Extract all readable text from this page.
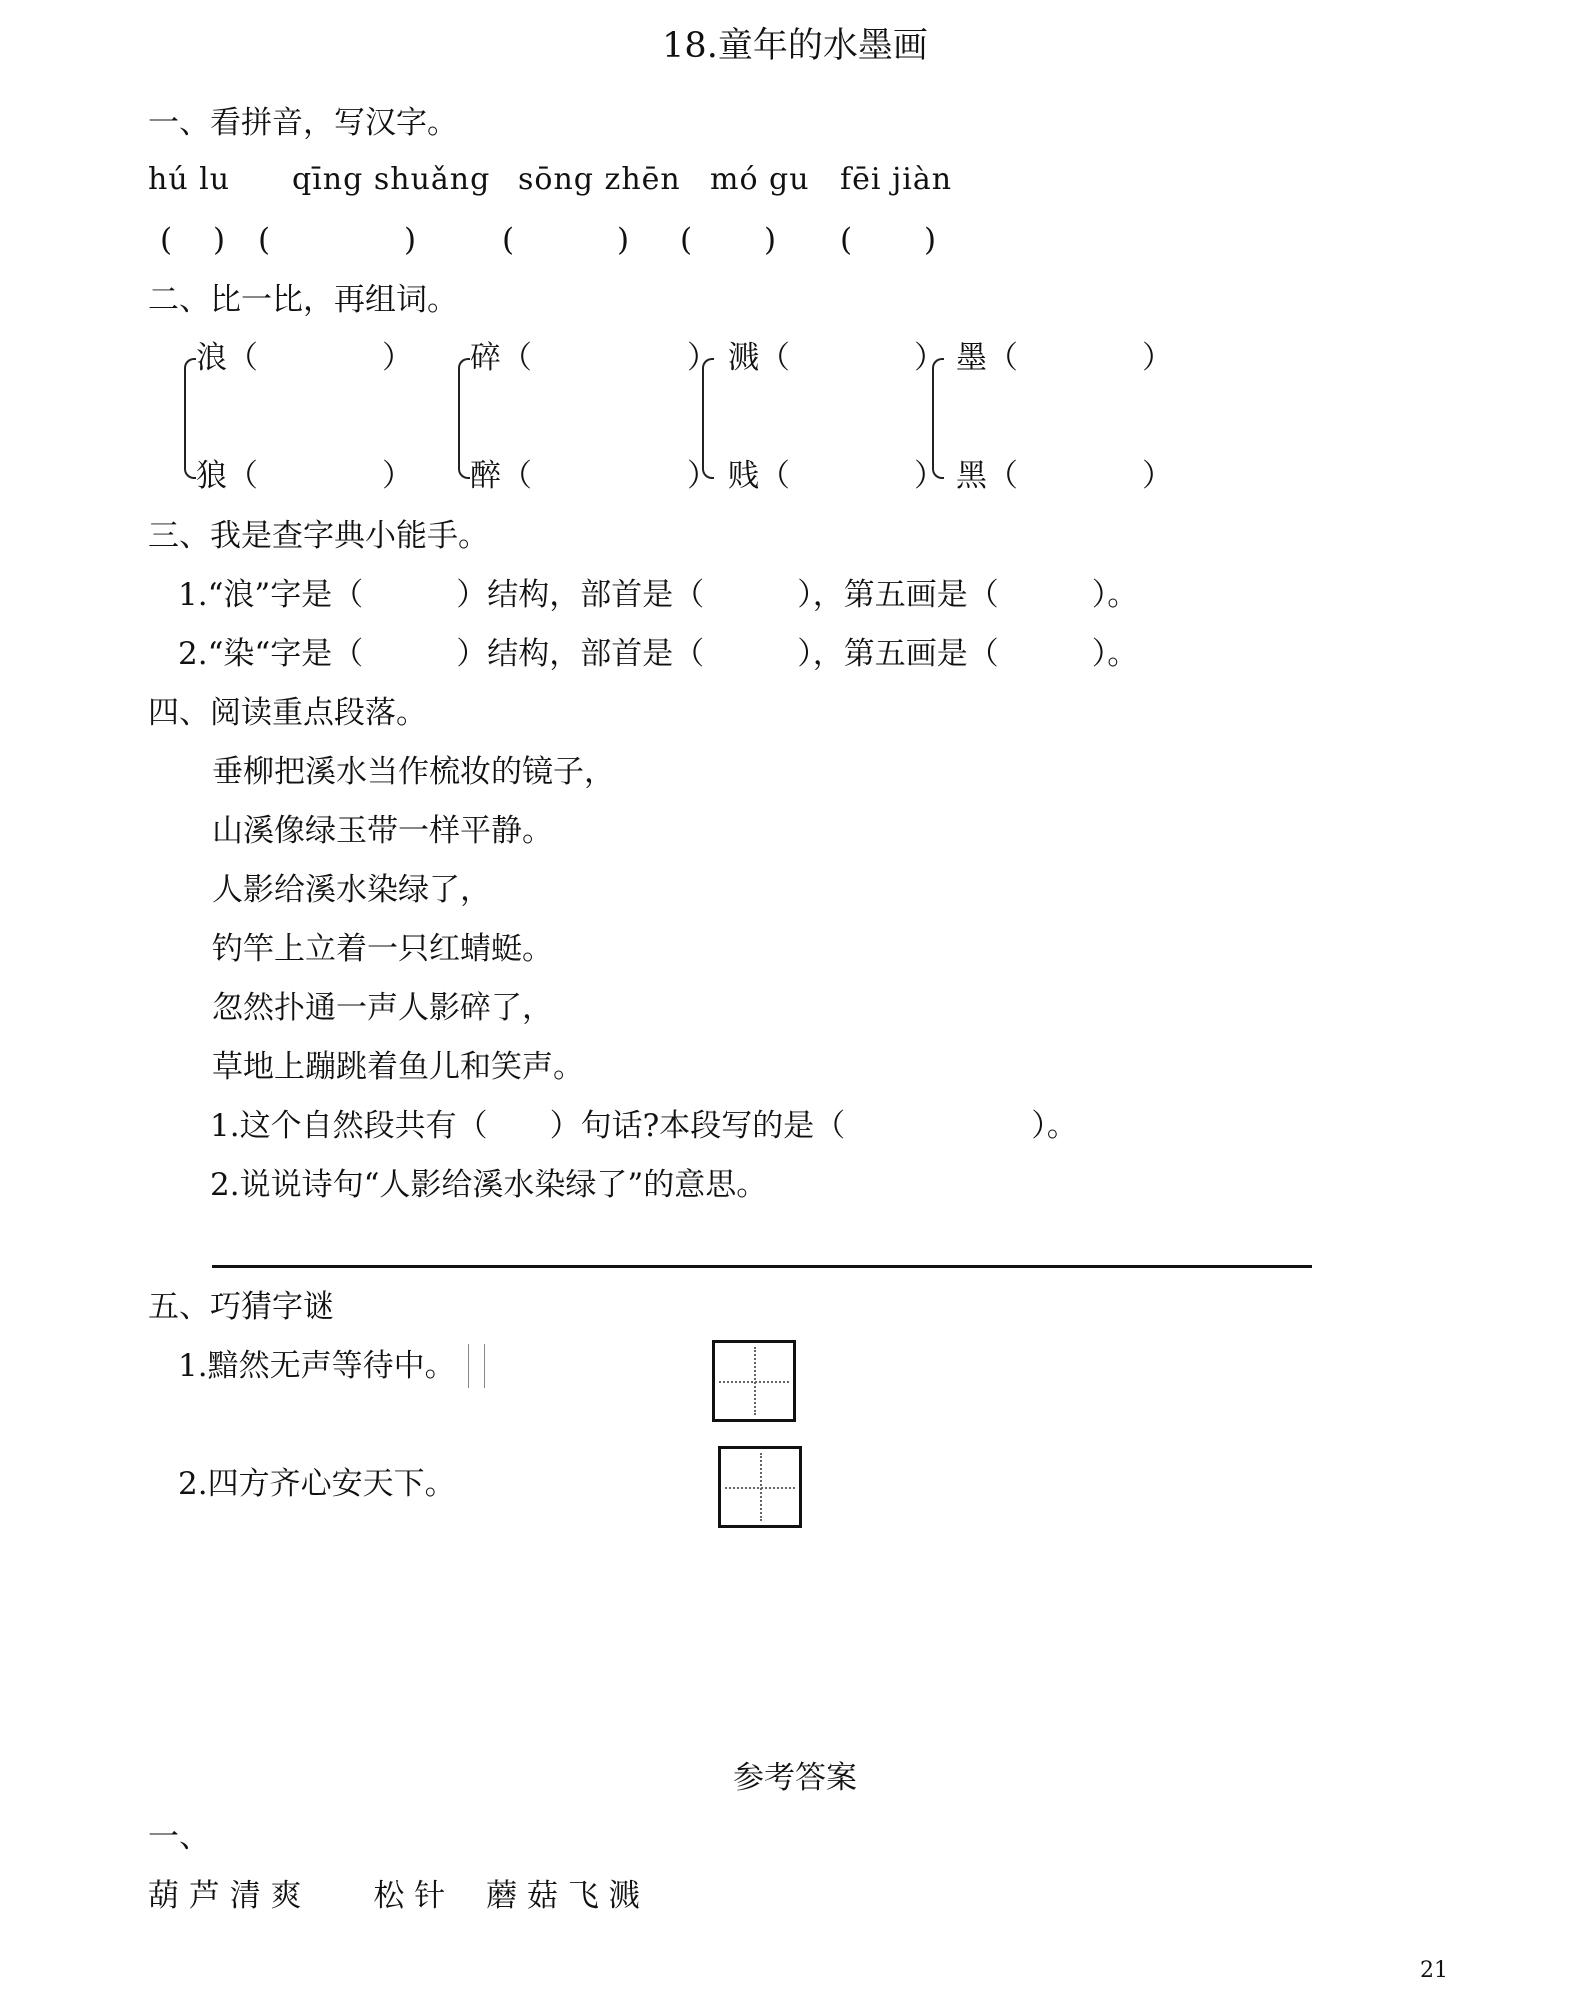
18.童年的水墨画
一、看拼音，写汉字。
hú lu qīng shuǎng sōng zhēn mó gu fēi jiàn
(　 ) (　　　　 )	(　　　 ) (　　 ) (　　 )
二、比一比，再组词。
浪（　　　　）
狼（　　　　）
碎（　　　　　）
醉（　　　　　）
溅（　　　　）
贱（　　　　）
墨（　　　　）
黑（　　　　）
三、我是查字典小能手。
1.“浪”字是（　　　）结构，部首是（　　　），第五画是（　　　）。
2.“染“字是（　　　）结构，部首是（　　　），第五画是（　　　）。
四、阅读重点段落。
垂柳把溪水当作梳妆的镜子，
山溪像绿玉带一样平静。
人影给溪水染绿了，
钓竿上立着一只红蜻蜓。
忽然扑通一声人影碎了，
草地上蹦跳着鱼儿和笑声。
1.这个自然段共有（　　）句话?本段写的是（　　　　　　）。
2.说说诗句“人影给溪水染绿了”的意思。
五、巧猜字谜
1.黯然无声等待中。
2.四方齐心安天下。
参考答案
一、
葫 芦 清 爽　　 松 针　 蘑 菇 飞 溅
21
